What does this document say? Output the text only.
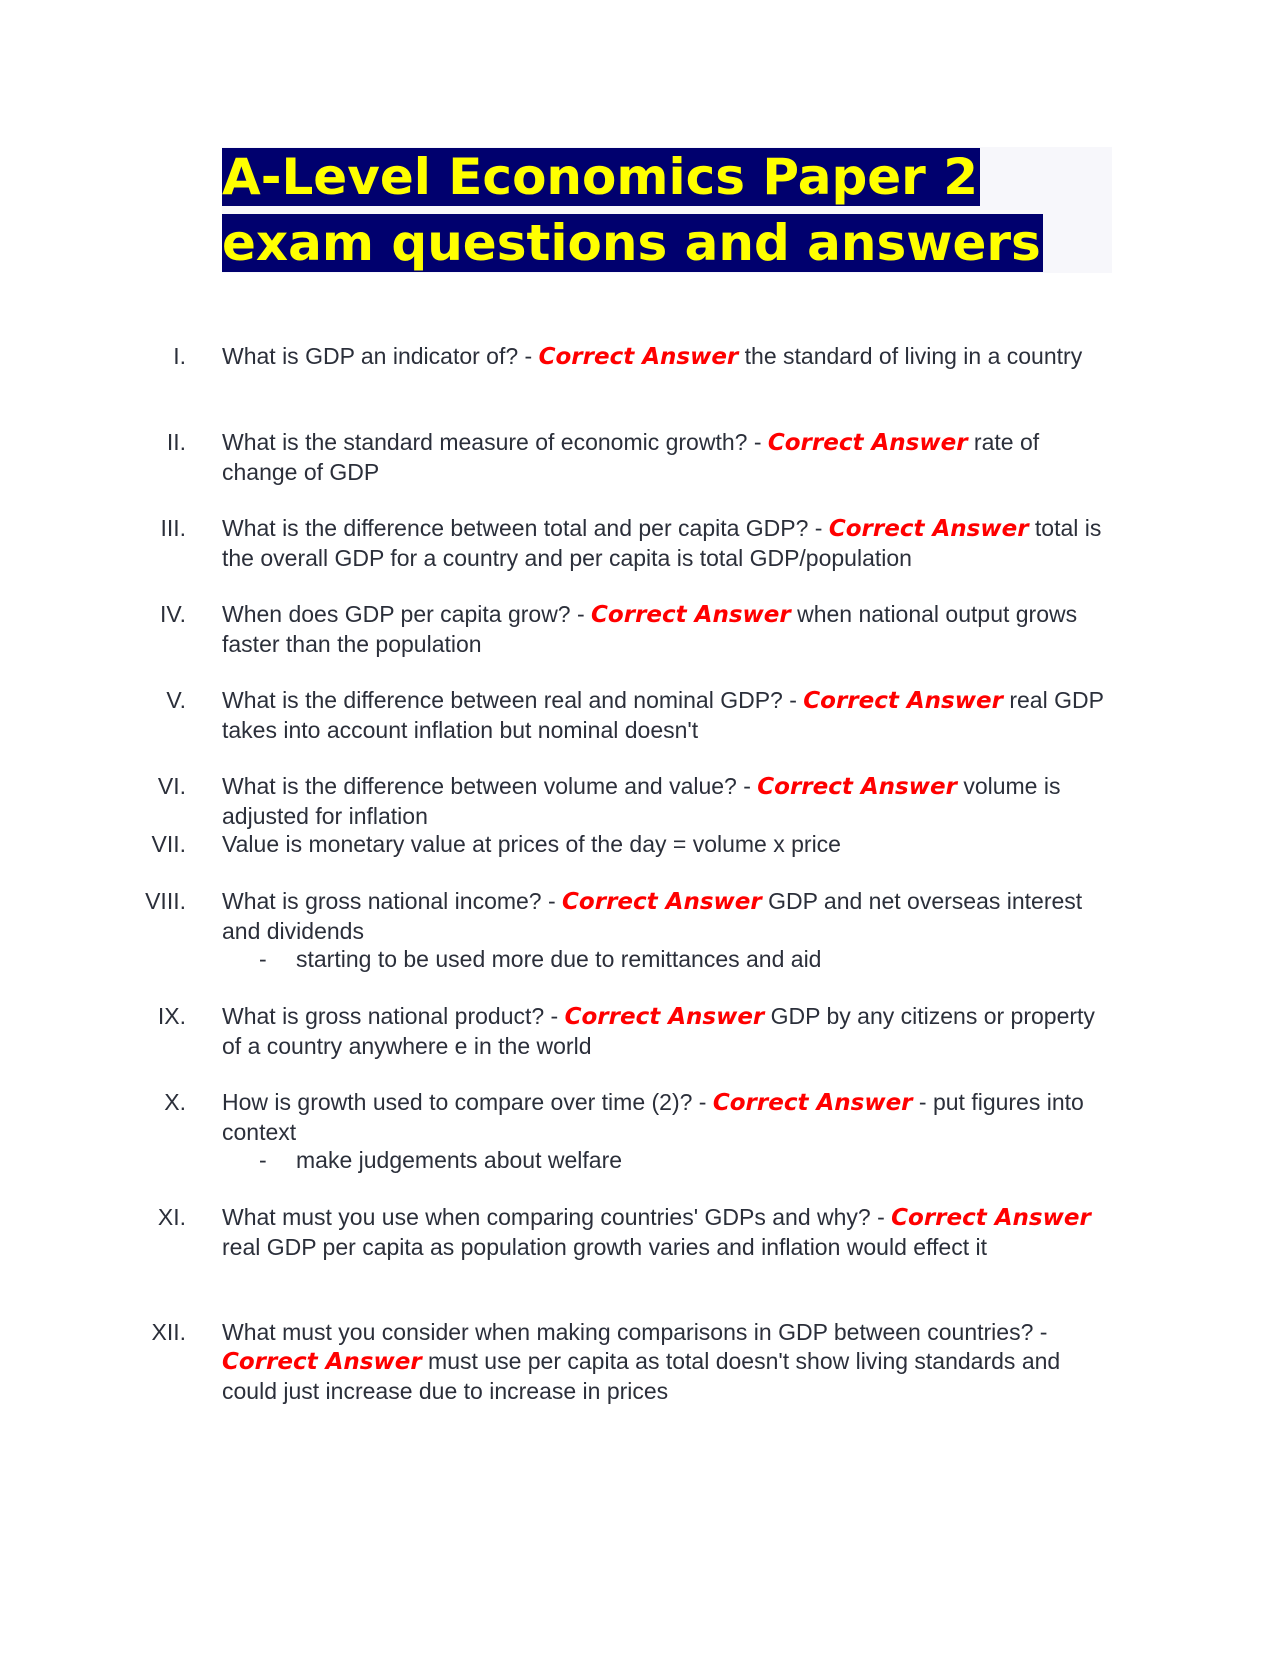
A-Level Economics Paper 2
exam questions and answers
I. What is GDP an indicator of? - Correct Answer the standard of living in a country
II. What is the standard measure of economic growth? - Correct Answer rate of change of GDP
III. What is the difference between total and per capita GDP? - Correct Answer total is the overall GDP for a country and per capita is total GDP/population
IV. When does GDP per capita grow? - Correct Answer when national output grows faster than the population
V. What is the difference between real and nominal GDP? - Correct Answer real GDP takes into account inflation but nominal doesn't
VI. What is the difference between volume and value? - Correct Answer volume is adjusted for inflation
VII. Value is monetary value at prices of the day = volume x price
VIII. What is gross national income? - Correct Answer GDP and net overseas interest and dividends
- starting to be used more due to remittances and aid
IX. What is gross national product? - Correct Answer GDP by any citizens or property of a country anywhere e in the world
X. How is growth used to compare over time (2)? - Correct Answer - put figures into context
- make judgements about welfare
XI. What must you use when comparing countries' GDPs and why? - Correct Answer real GDP per capita as population growth varies and inflation would effect it
XII. What must you consider when making comparisons in GDP between countries? - Correct Answer must use per capita as total doesn't show living standards and could just increase due to increase in prices
